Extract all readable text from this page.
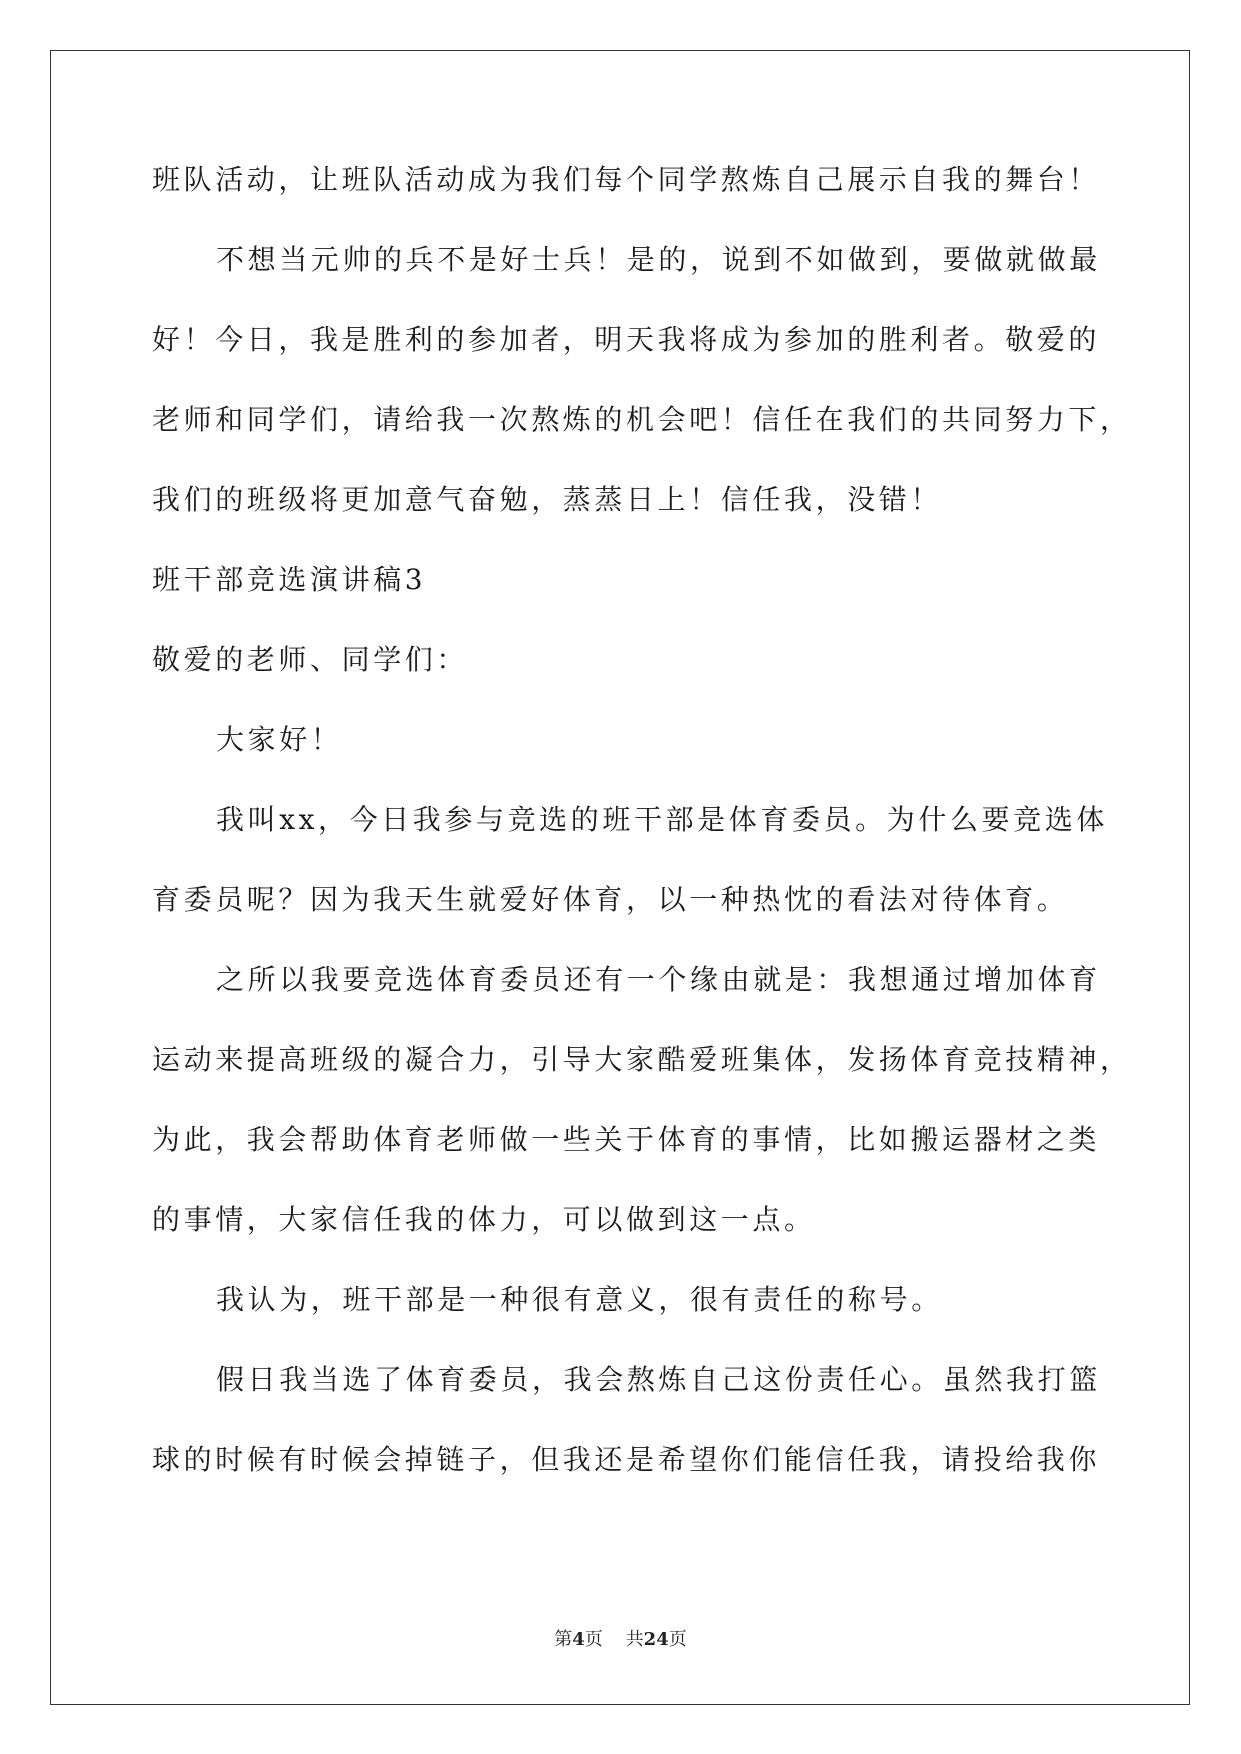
班队活动，让班队活动成为我们每个同学熬炼自己展示自我的舞台！

不想当元帅的兵不是好士兵！是的，说到不如做到，要做就做最

好！今日，我是胜利的参加者，明天我将成为参加的胜利者。敬爱的

老师和同学们，请给我一次熬炼的机会吧！信任在我们的共同努力下，

我们的班级将更加意气奋勉，蒸蒸日上！信任我，没错！

班干部竞选演讲稿3

敬爱的老师、同学们：

大家好！

我叫xx，今日我参与竞选的班干部是体育委员。为什么要竞选体

育委员呢？因为我天生就爱好体育，以一种热忱的看法对待体育。

之所以我要竞选体育委员还有一个缘由就是：我想通过增加体育

运动来提高班级的凝合力，引导大家酷爱班集体，发扬体育竞技精神，

为此，我会帮助体育老师做一些关于体育的事情，比如搬运器材之类

的事情，大家信任我的体力，可以做到这一点。

我认为，班干部是一种很有意义，很有责任的称号。

假日我当选了体育委员，我会熬炼自己这份责任心。虽然我打篮

球的时候有时候会掉链子，但我还是希望你们能信任我，请投给我你

第4页 共24页
